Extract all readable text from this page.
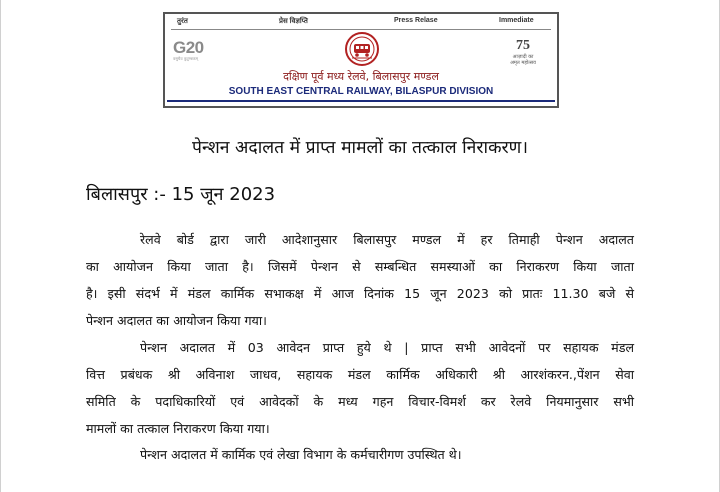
तुरंत	प्रेस विज्ञप्ति	Press Relase	Immediate
G20
वसुधैव कुटुम्बकम्
75
आज़ादी का
अमृत महोत्सव
दक्षिण पूर्व मध्य रेलवे, बिलासपुर मण्डल
SOUTH EAST CENTRAL RAILWAY, BILASPUR DIVISION
पेन्शन अदालत में प्राप्त मामलों का तत्काल निराकरण।
बिलासपुर :- 15 जून 2023
रेलवे बोर्ड द्वारा जारी आदेशानुसार बिलासपुर मण्डल में हर तिमाही पेन्शन अदालत
का आयोजन किया जाता है। जिसमें पेन्शन से सम्बन्धित समस्याओं का निराकरण किया जाता
है। इसी संदर्भ में मंडल कार्मिक सभाकक्ष में आज दिनांक 15 जून 2023 को प्रातः 11.30 बजे से
पेन्शन अदालत का आयोजन किया गया।
पेन्शन अदालत में 03 आवेदन प्राप्त हुये थे | प्राप्त सभी आवेदनों पर सहायक मंडल
वित्त प्रबंधक श्री अविनाश जाधव, सहायक मंडल कार्मिक अधिकारी श्री आरशंकरन.,पेंशन सेवा
समिति के पदाधिकारियों एवं आवेदकों के मध्य गहन विचार-विमर्श कर रेलवे नियमानुसार सभी
मामलों का तत्काल निराकरण किया गया।
पेन्शन अदालत में कार्मिक एवं लेखा विभाग के कर्मचारीगण उपस्थित थे।
